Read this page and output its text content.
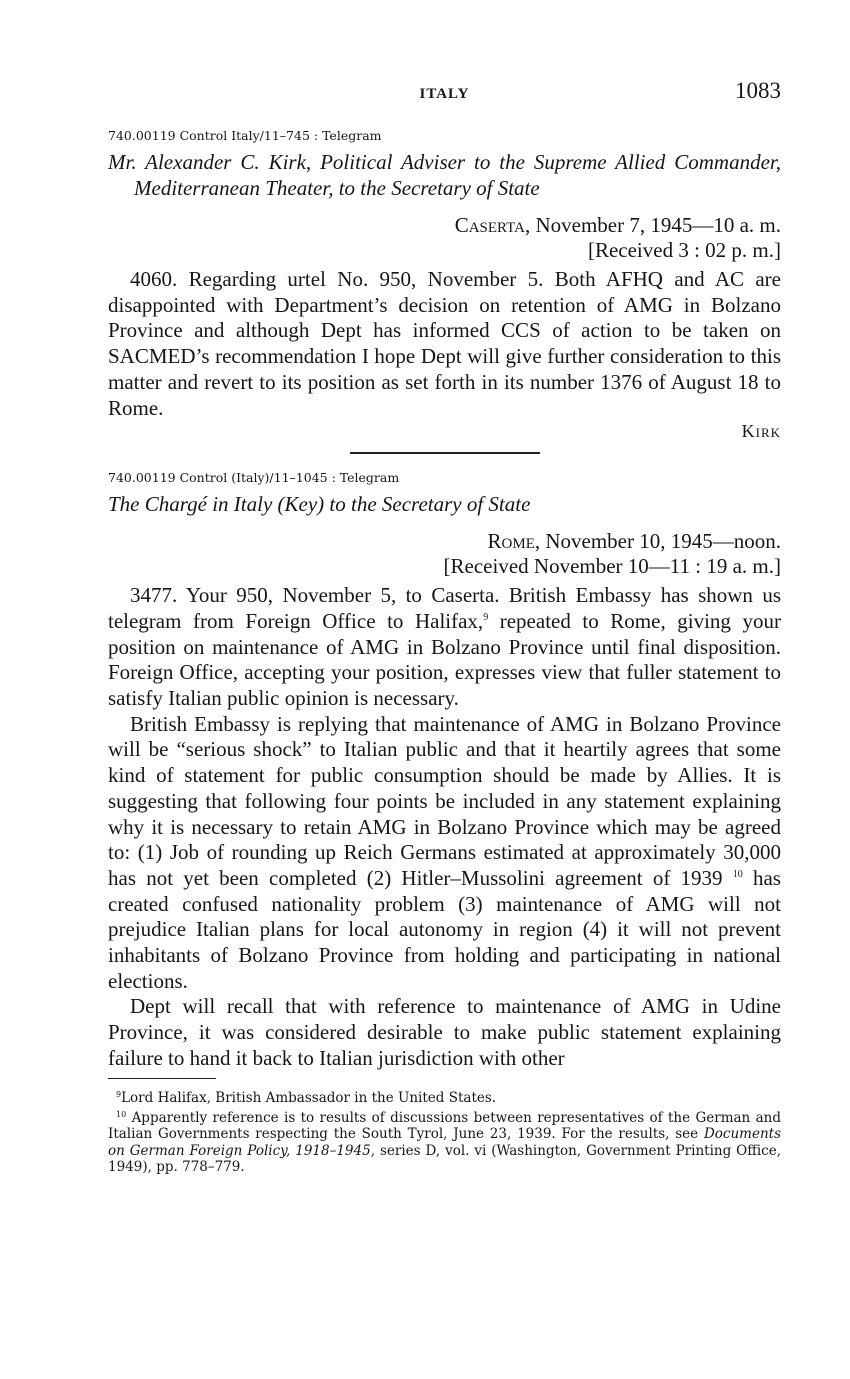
ITALY	1083
740.00119 Control Italy/11–745 : Telegram
Mr. Alexander C. Kirk, Political Adviser to the Supreme Allied Commander, Mediterranean Theater, to the Secretary of State
Caserta, November 7, 1945—10 a. m.
[Received 3 : 02 p. m.]

4060. Regarding urtel No. 950, November 5. Both AFHQ and AC are disappointed with Department’s decision on retention of AMG in Bolzano Province and although Dept has informed CCS of action to be taken on SACMED’s recommendation I hope Dept will give further consideration to this matter and revert to its position as set forth in its number 1376 of August 18 to Rome.

Kirk
740.00119 Control (Italy)/11–1045 : Telegram
The Chargé in Italy (Key) to the Secretary of State
Rome, November 10, 1945—noon.
[Received November 10—11 : 19 a. m.]

3477. Your 950, November 5, to Caserta. British Embassy has shown us telegram from Foreign Office to Halifax,$^9$ repeated to Rome, giving your position on maintenance of AMG in Bolzano Province until final disposition. Foreign Office, accepting your position, expresses view that fuller statement to satisfy Italian public opinion is necessary.

British Embassy is replying that maintenance of AMG in Bolzano Province will be “serious shock” to Italian public and that it heartily agrees that some kind of statement for public consumption should be made by Allies. It is suggesting that following four points be included in any statement explaining why it is necessary to retain AMG in Bolzano Province which may be agreed to: (1) Job of rounding up Reich Germans estimated at approximately 30,000 has not yet been completed (2) Hitler–Mussolini agreement of 1939 $^{10}$ has created confused nationality problem (3) maintenance of AMG will not prejudice Italian plans for local autonomy in region (4) it will not prevent inhabitants of Bolzano Province from holding and participating in national elections.

Dept will recall that with reference to maintenance of AMG in Udine Province, it was considered desirable to make public statement explaining failure to hand it back to Italian jurisdiction with other

$^9$Lord Halifax, British Ambassador in the United States.

$^{10}$ Apparently reference is to results of discussions between representatives of the German and Italian Governments respecting the South Tyrol, June 23, 1939. For the results, see Documents on German Foreign Policy, 1918–1945, series D, vol. vi (Washington, Government Printing Office, 1949), pp. 778–779.
